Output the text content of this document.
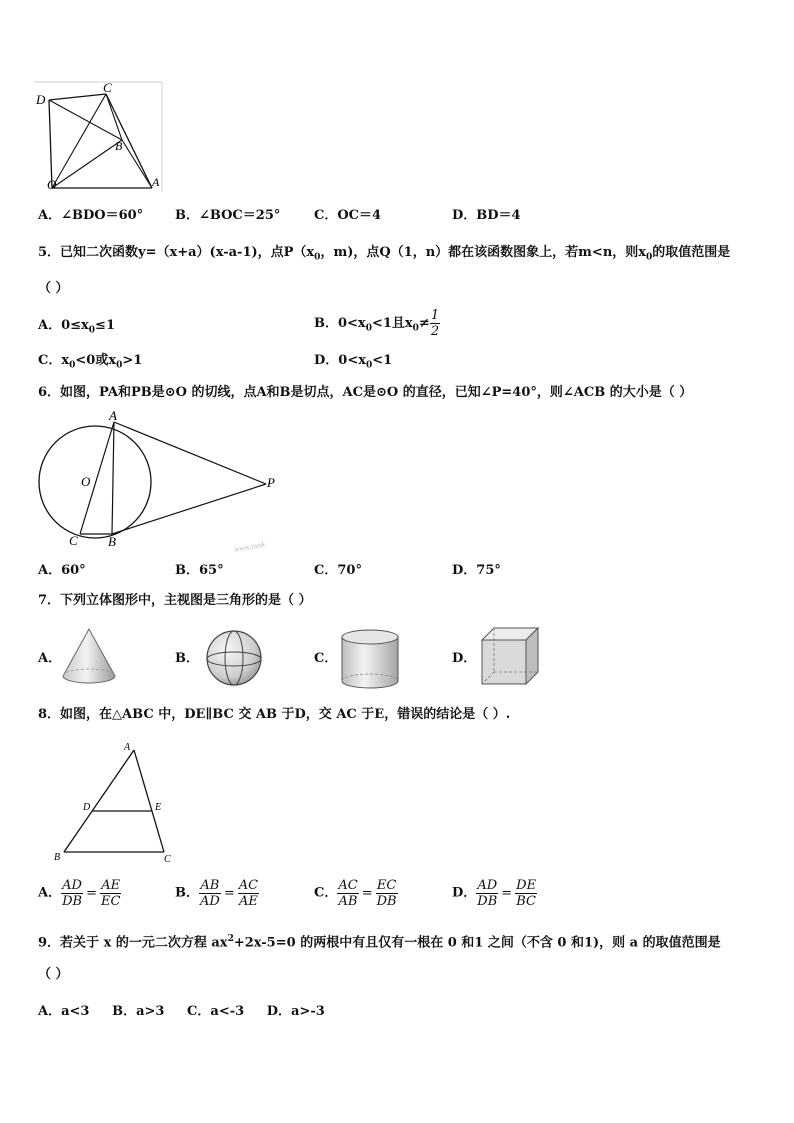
D
C
B
O	A
A．∠BDO＝60° B．∠BOC＝25°	C．OC＝4	D．BD＝4
5．已知二次函数y=（x+a）(x-a-1)，点$P(x_0$，m)，点Q（1，n）都在该函数图象上，若m<n，则$x_0$的取值范围是
（ ）
A．$0\le x_0\le 1$	B．$0<x_0<1$且$x_0\ne \frac{1}{2}$
C．$x_0<0$或$x_0>1$	D．$0<x_0<1$
6．如图，PA和PB是⊙O 的切线，点A和B是切点，AC是⊙O 的直径，已知∠P=40°，则∠ACB 的大小是（ ）
A
O	P
C B	www.zxxk
A．60°	B．65°	C．70°	D．75°
7．下列立体图形中，主视图是三角形的是（ ）
A．	B．	C．	D．
8．如图，在△ABC 中，DE∥BC 交 AB 于D，交 AC 于E，错误的结论是（ ）.
A
D	E
B	C
A． $\frac{AD}{DB} = \frac{AE}{EC}$	B． $\frac{AB}{AD} = \frac{AC}{AE}$	C． $\frac{AC}{AB} = \frac{EC}{DB}$	D． $\frac{AD}{DB} = \frac{DE}{BC}$
9．若关于 x 的一元二次方程 $ax^2+2x-5=0$ 的两根中有且仅有一根在 0 和1 之间（不含 0 和1)，则 a 的取值范围是
（ ）
A．a<3     B．a>3     C．a<-3     D．a>-3
